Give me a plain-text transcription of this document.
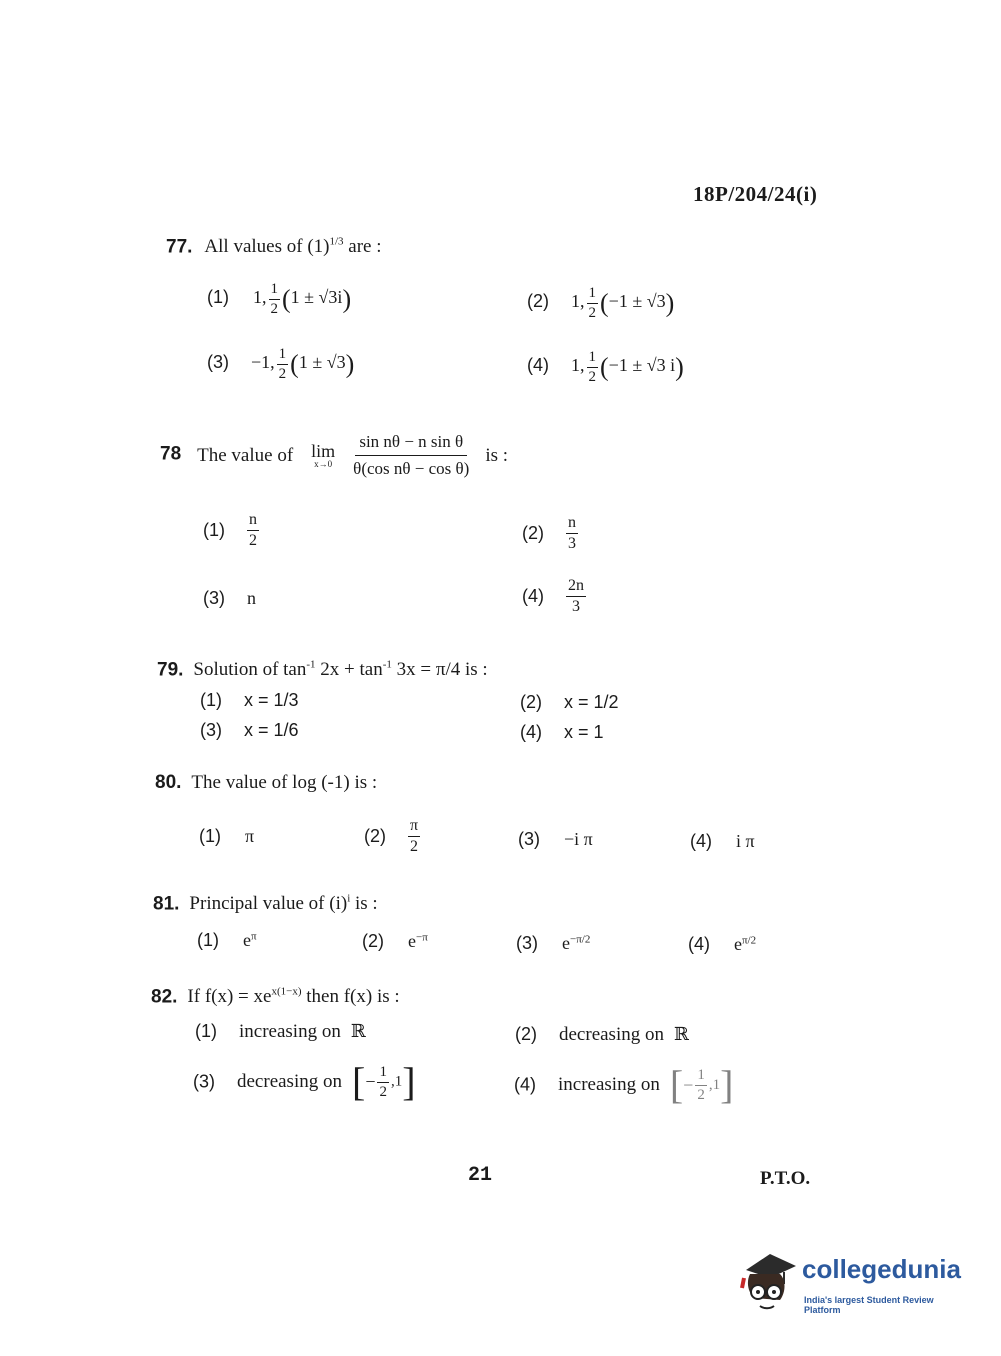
18P/204/24(i)
77. All values of $(1)^{1/3}$ are :
(1) 1, $\frac{1}{2} (1 \pm √3i)$	(2) 1, $\frac{1}{2} (-1 \pm √3)$
(3) −1, $\frac{1}{2} (1 \pm √3)$	(4) 1, $\frac{1}{2} (-1 \pm √3$ i)
78 The value of lim
x→0
$\frac{\text{sin nθ − n sin θ}}{\text{θ(cos nθ − cos θ)}}$ is :
$(1) \frac{n}{2}$	$(2) \frac{n}{3}$
(3) n	$(4) \frac{2n}{3}$
79. Solution of $\tan^{-1} 2x + \tan^{-1} 3x = \pi/4$ is :
(1) x = 1/3	(2) x = 1/2
(3) x = 1/6	(4) x = 1
80. The value of log (-1) is :
(1) π	$(2) \frac{\pi}{2}$	(3) −i π	(4) i π
81. Principal value of $(i)^i$ is :
(1) $e^\pi$	(2) $e^{-\pi}$	(3) $e^{-\pi/2}$	(4) $e^{\pi/2}$
82. If $f(x) = xe^{x(1-x)}$ then f(x) is :
(1) increasing on ℝ	(2) decreasing on ℝ
(3) decreasing on [− $\frac{1}{2} ,1$]	(4) increasing on [− $\frac{1}{2} ,1$]
21	P.T.O.
collegedunia
India's largest Student Review Platform
